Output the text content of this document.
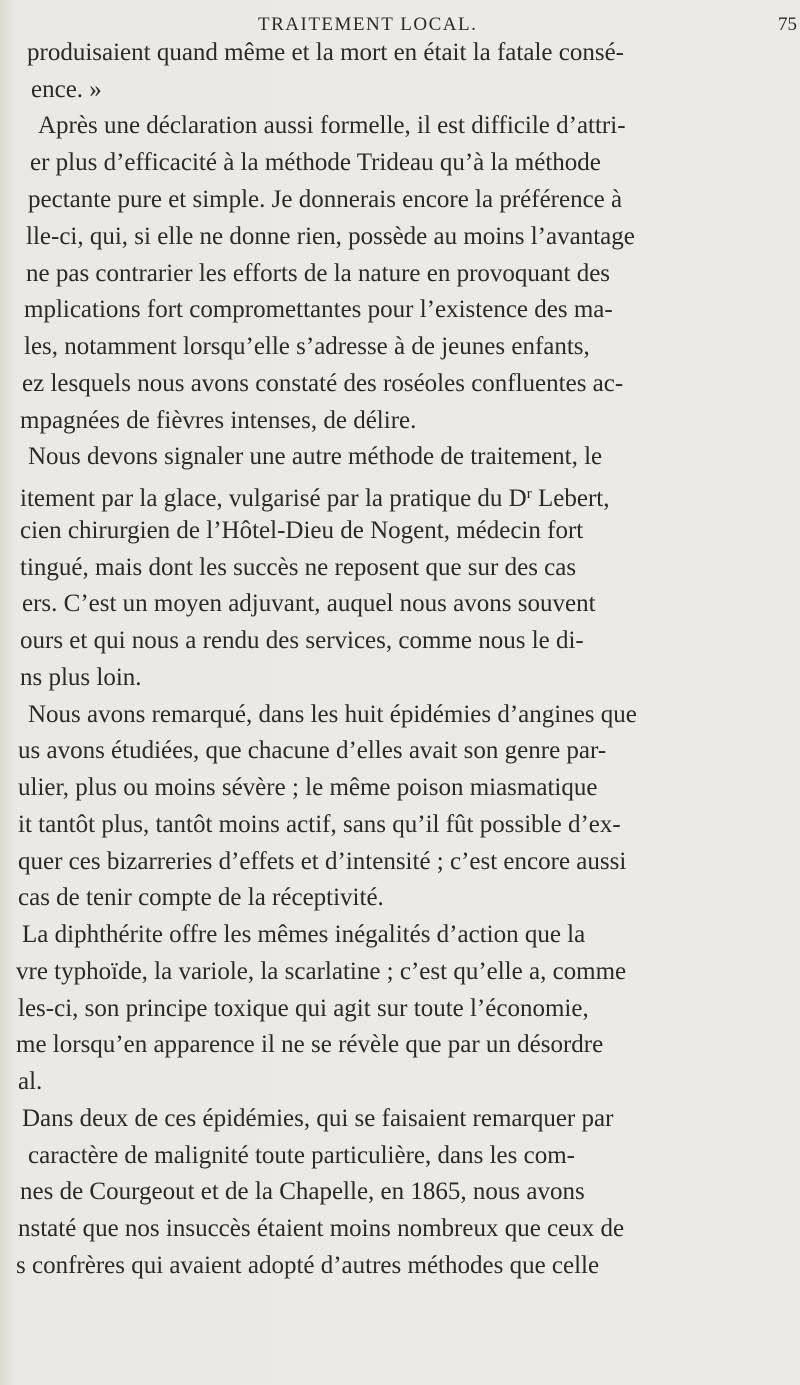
TRAITEMENT LOCAL.	75
produisaient quand même et la mort en était la fatale consé-
ence. »
Après une déclaration aussi formelle, il est difficile d’attri-
er plus d’efficacité à la méthode Trideau qu’à la méthode
pectante pure et simple. Je donnerais encore la préférence à
lle-ci, qui, si elle ne donne rien, possède au moins l’avantage
ne pas contrarier les efforts de la nature en provoquant des
mplications fort compromettantes pour l’existence des ma-
les, notamment lorsqu’elle s’adresse à de jeunes enfants,
ez lesquels nous avons constaté des roséoles confluentes ac-
mpagnées de fièvres intenses, de délire.
Nous devons signaler une autre méthode de traitement, le
itement par la glace, vulgarisé par la pratique du $D^r$ Lebert,
cien chirurgien de l’Hôtel-Dieu de Nogent, médecin fort
tingué, mais dont les succès ne reposent que sur des cas
ers. C’est un moyen adjuvant, auquel nous avons souvent
ours et qui nous a rendu des services, comme nous le di-
ns plus loin.
Nous avons remarqué, dans les huit épidémies d’angines que
us avons étudiées, que chacune d’elles avait son genre par-
ulier, plus ou moins sévère ; le même poison miasmatique
it tantôt plus, tantôt moins actif, sans qu’il fût possible d’ex-
quer ces bizarreries d’effets et d’intensité ; c’est encore aussi
cas de tenir compte de la réceptivité.
La diphthérite offre les mêmes inégalités d’action que la
vre typhoïde, la variole, la scarlatine ; c’est qu’elle a, comme
les-ci, son principe toxique qui agit sur toute l’économie,
me lorsqu’en apparence il ne se révèle que par un désordre
al.
Dans deux de ces épidémies, qui se faisaient remarquer par
caractère de malignité toute particulière, dans les com-
nes de Courgeout et de la Chapelle, en 1865, nous avons
nstaté que nos insuccès étaient moins nombreux que ceux de
s confrères qui avaient adopté d’autres méthodes que celle
